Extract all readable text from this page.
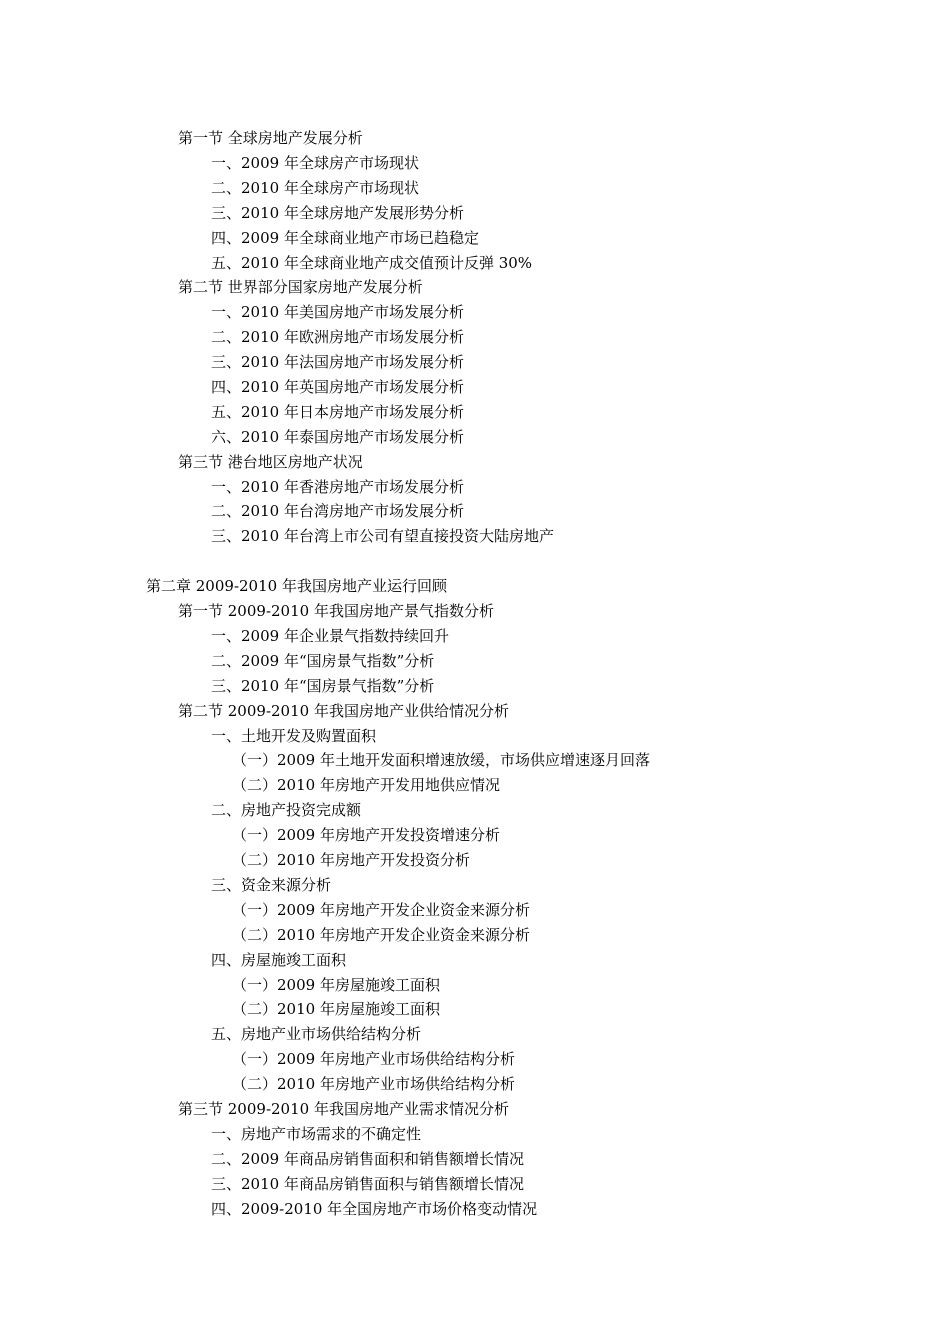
第一节 全球房地产发展分析
一、2009 年全球房产市场现状
二、2010 年全球房产市场现状
三、2010 年全球房地产发展形势分析
四、2009 年全球商业地产市场已趋稳定
五、2010 年全球商业地产成交值预计反弹 30%
第二节 世界部分国家房地产发展分析
一、2010 年美国房地产市场发展分析
二、2010 年欧洲房地产市场发展分析
三、2010 年法国房地产市场发展分析
四、2010 年英国房地产市场发展分析
五、2010 年日本房地产市场发展分析
六、2010 年泰国房地产市场发展分析
第三节 港台地区房地产状况
一、2010 年香港房地产市场发展分析
二、2010 年台湾房地产市场发展分析
三、2010 年台湾上市公司有望直接投资大陆房地产
第二章 2009-2010 年我国房地产业运行回顾
第一节 2009-2010 年我国房地产景气指数分析
一、2009 年企业景气指数持续回升
二、2009 年“国房景气指数”分析
三、2010 年“国房景气指数”分析
第二节 2009-2010 年我国房地产业供给情况分析
一、土地开发及购置面积
（一）2009 年土地开发面积增速放缓，市场供应增速逐月回落
（二）2010 年房地产开发用地供应情况
二、房地产投资完成额
（一）2009 年房地产开发投资增速分析
（二）2010 年房地产开发投资分析
三、资金来源分析
（一）2009 年房地产开发企业资金来源分析
（二）2010 年房地产开发企业资金来源分析
四、房屋施竣工面积
（一）2009 年房屋施竣工面积
（二）2010 年房屋施竣工面积
五、房地产业市场供给结构分析
（一）2009 年房地产业市场供给结构分析
（二）2010 年房地产业市场供给结构分析
第三节 2009-2010 年我国房地产业需求情况分析
一、房地产市场需求的不确定性
二、2009 年商品房销售面积和销售额增长情况
三、2010 年商品房销售面积与销售额增长情况
四、2009-2010 年全国房地产市场价格变动情况
